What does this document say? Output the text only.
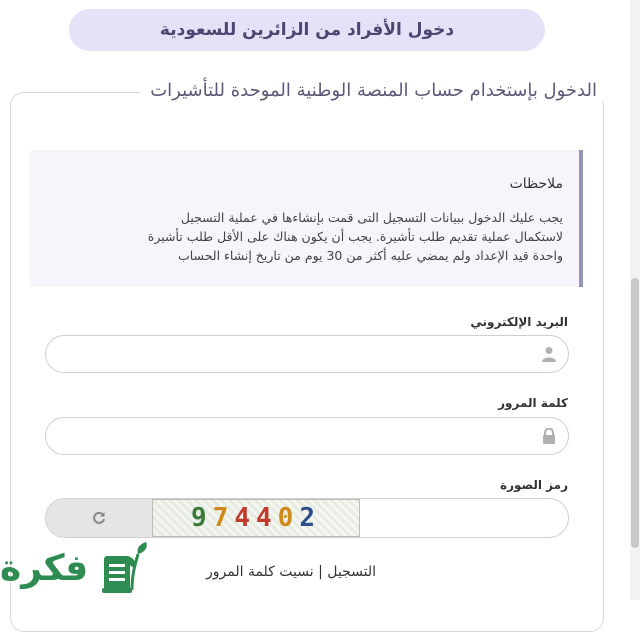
دخول الأفراد من الزائرين للسعودية
الدخول بإستخدام حساب المنصة الوطنية الموحدة للتأشيرات
ملاحظات
يجب عليك الدخول ببيانات التسجيل التى قمت بإنشاءها في عملية التسجيل
لاستكمال عملية تقديم طلب تأشيرة. يجب أن يكون هناك على الأقل طلب تأشيرة
واحدة قيد الإعداد ولم يمضي عليه أكثر من 30 يوم من تاريخ إنشاء الحساب
البريد الإلكتروني
كلمة المرور
رمز الصورة
974402
التسجيل | نسيت كلمة المرور
فكرة
